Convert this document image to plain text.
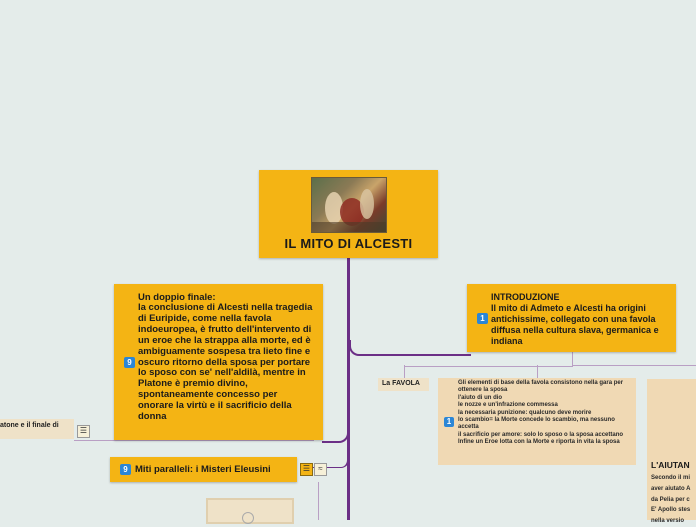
IL MITO DI ALCESTI
1
INTRODUZIONE
Il mito di Admeto e Alcesti ha origini antichissime, collegato con una favola diffusa nella cultura slava, germanica e indiana
9
Un doppio finale:
la conclusione di Alcesti nella tragedia di Euripide, come nella favola indoeuropea, è frutto dell'intervento di un eroe che la strappa alla morte, ed è ambiguamente sospesa tra lieto fine e oscuro ritorno della sposa per portare lo sposo con se' nell'aldilà, mentre in Platone è premio divino, spontaneamente concesso per onorare la virtù e il sacrificio della donna
9 Miti paralleli: i Misteri Eleusini	☰	≈
atone e il finale di
☰
La FAVOLA
1
Gli elementi di base della favola consistono nella gara per ottenere la sposa
l'aiuto di un dio
le nozze e un'infrazione commessa
la necessaria punizione: qualcuno deve morire
lo scambio= la Morte concede lo scambio, ma nessuno accetta
il sacrificio per amore: solo lo sposo o la sposa accettano
Infine un Eroe lotta con la Morte e riporta in vita la sposa
L'AIUTAN
Secondo il mi
aver aiutato A
da Pelia per c
E' Apollo stes
nella versio
